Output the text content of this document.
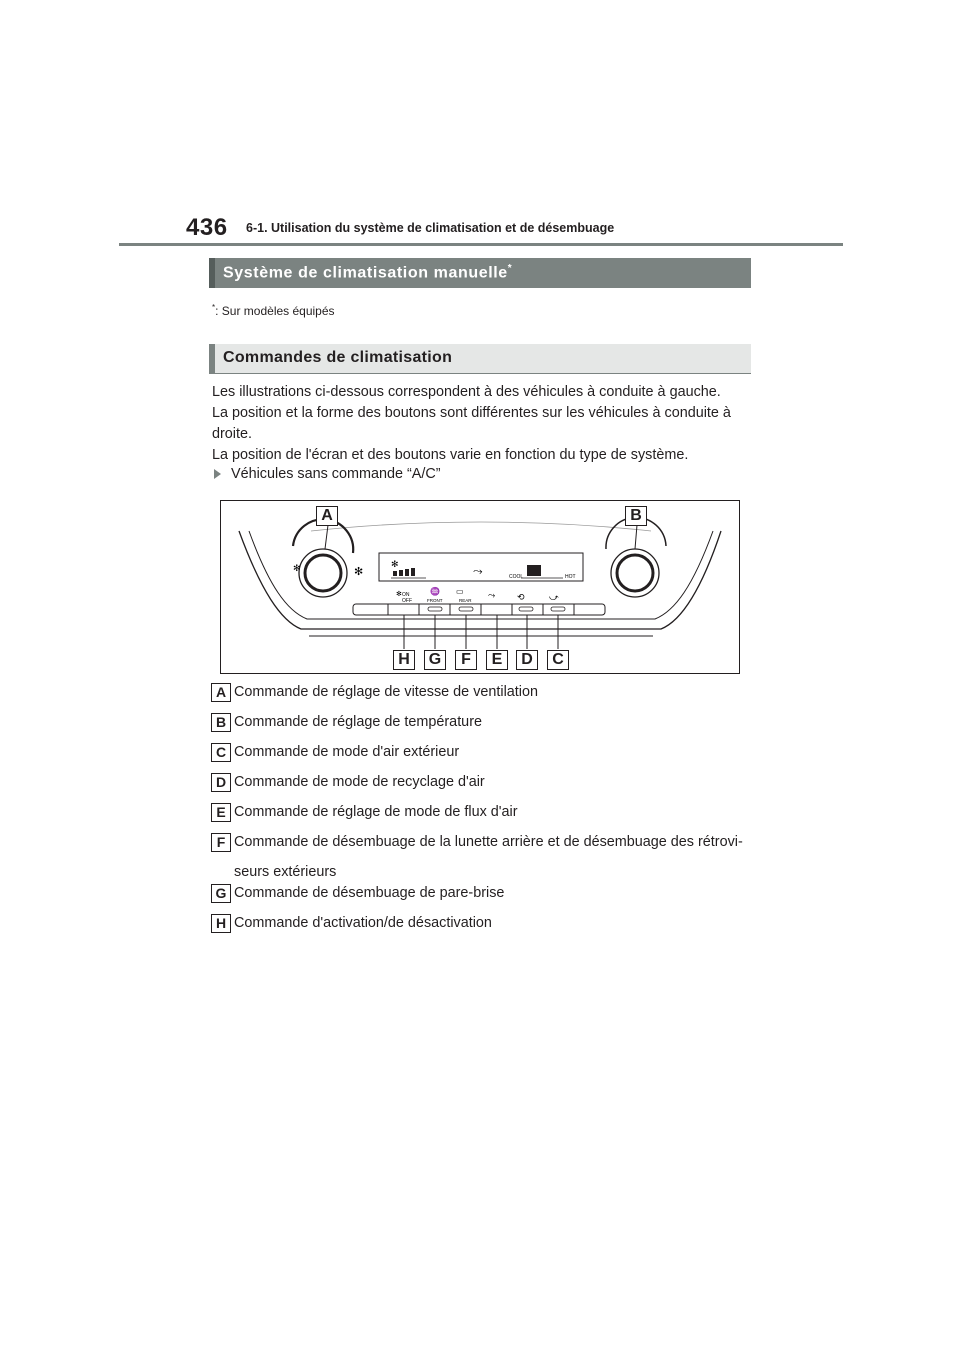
436 6-1. Utilisation du système de climatisation et de désembuage
Système de climatisation manuelle*
*: Sur modèles équipés
Commandes de climatisation

Les illustrations ci-dessous correspondent à des véhicules à conduite à gauche.

La position et la forme des boutons sont différentes sur les véhicules à conduite à droite.

La position de l'écran et des boutons varie en fonction du type de système.

Véhicules sans commande “A/C”
✻	✻
✻	⤳	COOL	HOT
✻ ON
OFF
♒
FRONT
▭
REAR
⤳ ⟲	⤻
A	B
H	G	F	E	D	C
A Commande de réglage de vitesse de ventilation
B Commande de réglage de température
C Commande de mode d'air extérieur
D Commande de mode de recyclage d'air
E Commande de réglage de mode de flux d'air
F Commande de désembuage de la lunette arrière et de désembuage des rétrovi-seurs extérieurs
G Commande de désembuage de pare-brise
H Commande d'activation/de désactivation
